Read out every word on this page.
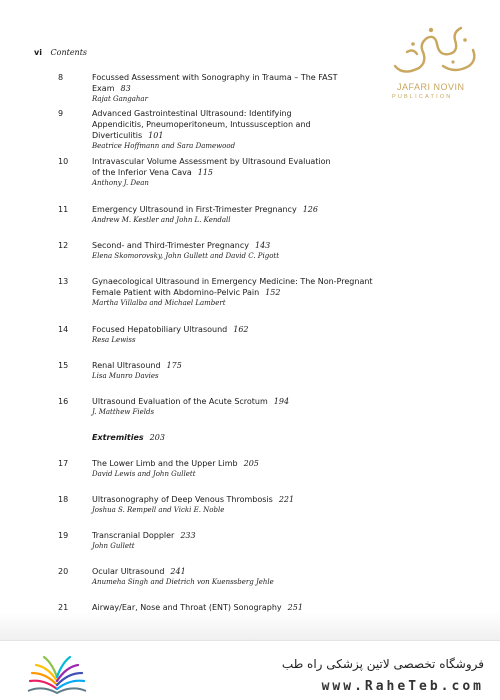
vi Contents
JAFARI NOVIN
PUBLICATION
8	Focussed Assessment with Sonography in Trauma – The FAST Exam 83
Rajat Gangahar
9	Advanced Gastrointestinal Ultrasound: Identifying Appendicitis, Pneumoperitoneum, Intussusception and Diverticulitis 101
Beatrice Hoffmann and Sara Damewood
10	Intravascular Volume Assessment by Ultrasound Evaluation of the Inferior Vena Cava 115
Anthony J. Dean
11	Emergency Ultrasound in First-Trimester Pregnancy 126
Andrew M. Kestler and John L. Kendall
12	Second- and Third-Trimester Pregnancy 143
Elena Skomorovsky, John Gullett and David C. Pigott
13	Gynaecological Ultrasound in Emergency Medicine: The Non-Pregnant Female Patient with Abdomino-Pelvic Pain 152
Martha Villalba and Michael Lambert
14	Focused Hepatobiliary Ultrasound 162
Resa Lewiss
15	Renal Ultrasound 175
Lisa Munro Davies
16	Ultrasound Evaluation of the Acute Scrotum 194
J. Matthew Fields
Extremities 203
17	The Lower Limb and the Upper Limb 205
David Lewis and John Gullett
18	Ultrasonography of Deep Venous Thrombosis 221
Joshua S. Rempell and Vicki E. Noble
19	Transcranial Doppler 233
John Gullett
20	Ocular Ultrasound 241
Anumeha Singh and Dietrich von Kuenssberg Jehle
21	Airway/Ear, Nose and Throat (ENT) Sonography 251
فروشگاه تخصصی لاتین پزشکی راه طب
www.RaheTeb.com
